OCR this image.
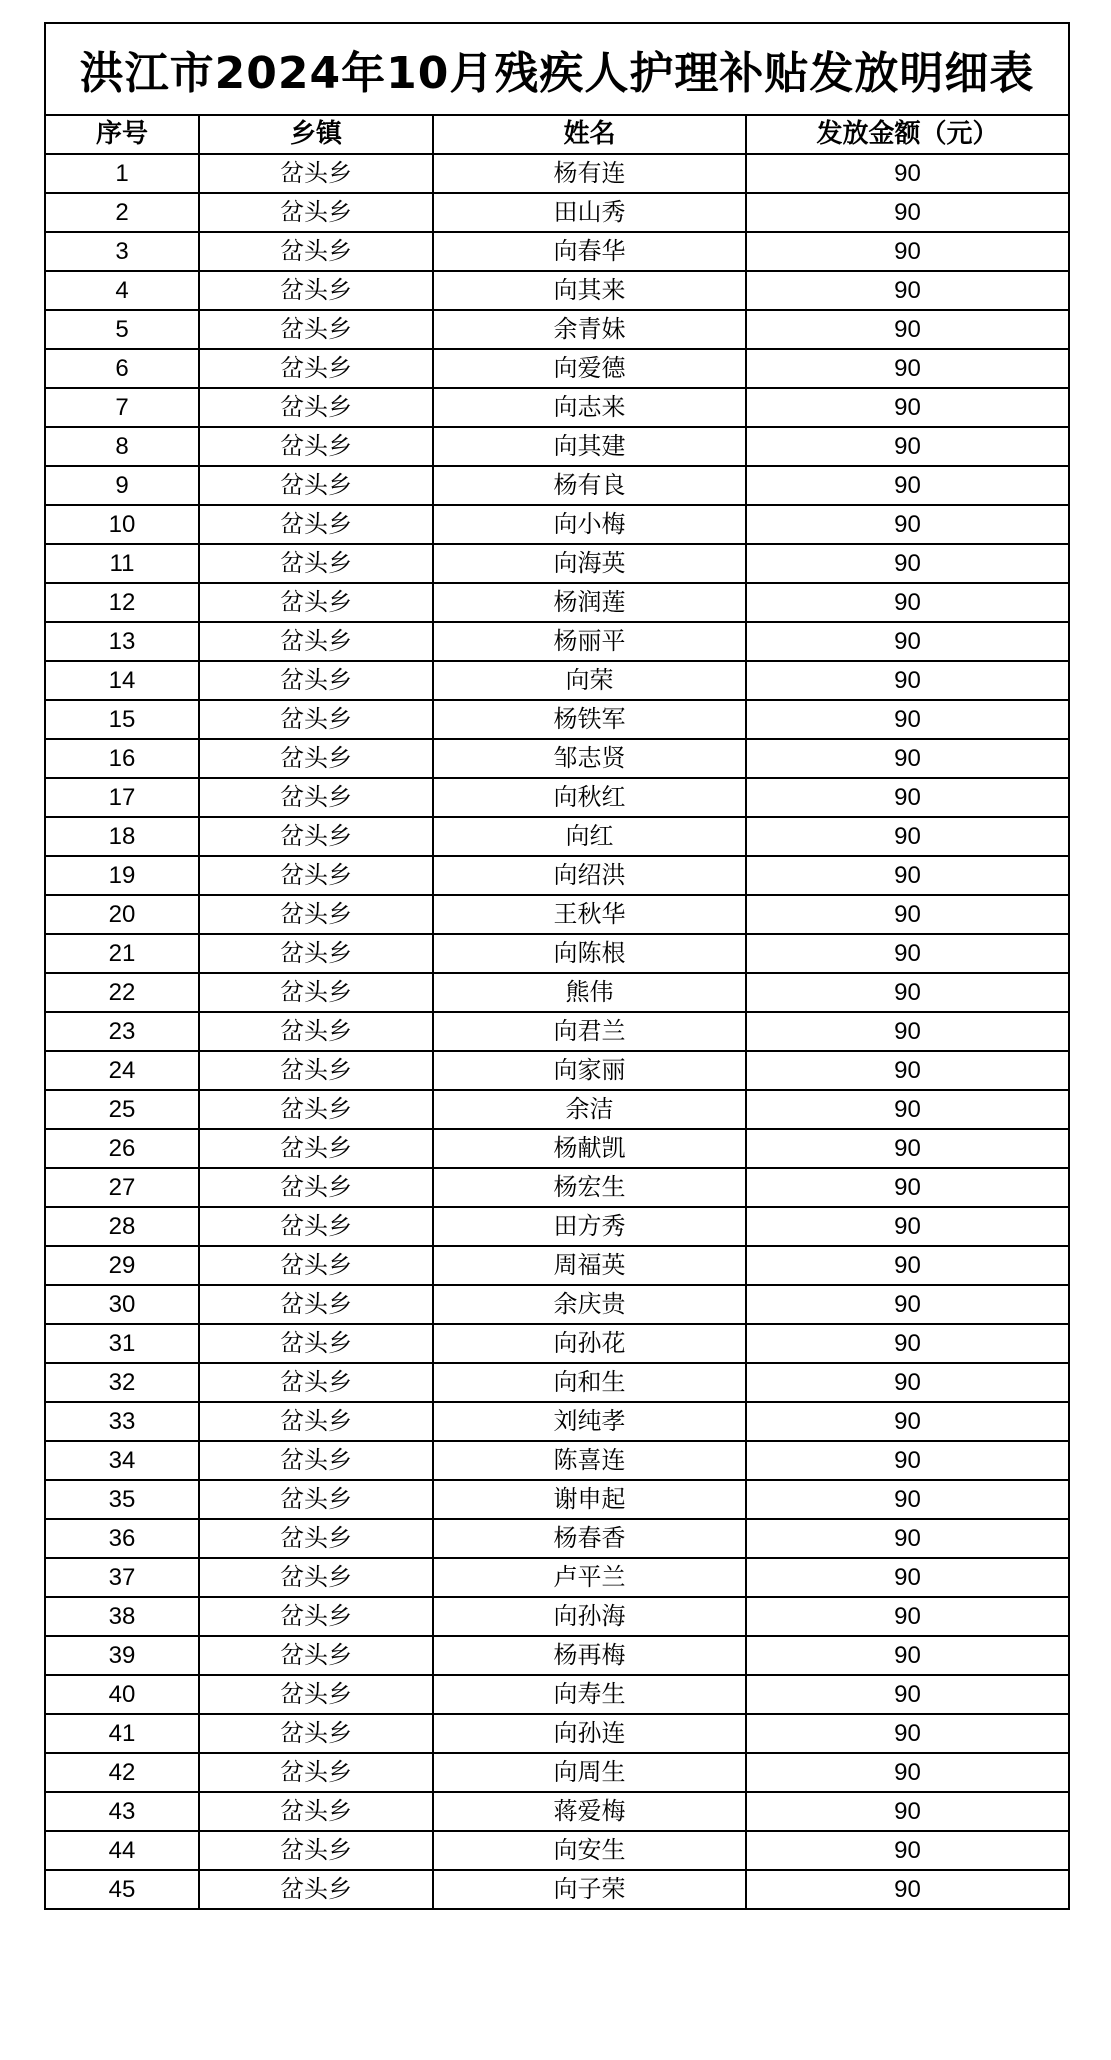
洪江市2024年10月残疾人护理补贴发放明细表
序号	乡镇	姓名	发放金额（元）
1	岔头乡	杨有连	90
2	岔头乡	田山秀	90
3	岔头乡	向春华	90
4	岔头乡	向其来	90
5	岔头乡	余青妹	90
6	岔头乡	向爱德	90
7	岔头乡	向志来	90
8	岔头乡	向其建	90
9	岔头乡	杨有良	90
10	岔头乡	向小梅	90
11	岔头乡	向海英	90
12	岔头乡	杨润莲	90
13	岔头乡	杨丽平	90
14	岔头乡	向荣	90
15	岔头乡	杨铁军	90
16	岔头乡	邹志贤	90
17	岔头乡	向秋红	90
18	岔头乡	向红	90
19	岔头乡	向绍洪	90
20	岔头乡	王秋华	90
21	岔头乡	向陈根	90
22	岔头乡	熊伟	90
23	岔头乡	向君兰	90
24	岔头乡	向家丽	90
25	岔头乡	余洁	90
26	岔头乡	杨献凯	90
27	岔头乡	杨宏生	90
28	岔头乡	田方秀	90
29	岔头乡	周福英	90
30	岔头乡	余庆贵	90
31	岔头乡	向孙花	90
32	岔头乡	向和生	90
33	岔头乡	刘纯孝	90
34	岔头乡	陈喜连	90
35	岔头乡	谢申起	90
36	岔头乡	杨春香	90
37	岔头乡	卢平兰	90
38	岔头乡	向孙海	90
39	岔头乡	杨再梅	90
40	岔头乡	向寿生	90
41	岔头乡	向孙连	90
42	岔头乡	向周生	90
43	岔头乡	蒋爱梅	90
44	岔头乡	向安生	90
45	岔头乡	向子荣	90
